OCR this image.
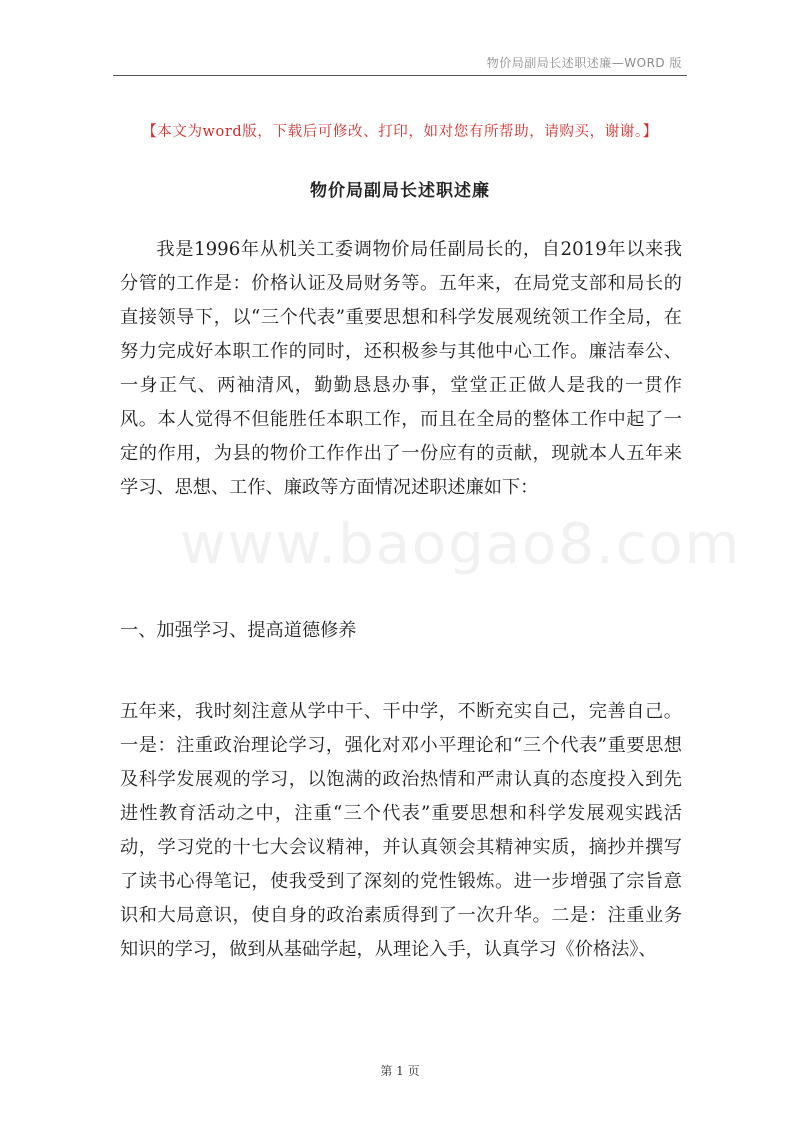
物价局副局长述职述廉—WORD 版
【本文为word版，下载后可修改、打印，如对您有所帮助，请购买，谢谢。】
物价局副局长述职述廉
www.baogao8.com

我是1996年从机关工委调物价局任副局长的，自2019年以来我分管的工作是：价格认证及局财务等。五年来，在局党支部和局长的直接领导下，以“三个代表”重要思想和科学发展观统领工作全局，在努力完成好本职工作的同时，还积极参与其他中心工作。廉洁奉公、一身正气、两袖清风，勤勤恳恳办事，堂堂正正做人是我的一贯作风。本人觉得不但能胜任本职工作，而且在全局的整体工作中起了一定的作用，为县的物价工作作出了一份应有的贡献，现就本人五年来学习、思想、工作、廉政等方面情况述职述廉如下：

一、加强学习、提高道德修养

五年来，我时刻注意从学中干、干中学，不断充实自己，完善自己。一是：注重政治理论学习，强化对邓小平理论和“三个代表”重要思想及科学发展观的学习，以饱满的政治热情和严肃认真的态度投入到先进性教育活动之中，注重“三个代表”重要思想和科学发展观实践活动，学习党的十七大会议精神，并认真领会其精神实质，摘抄并撰写了读书心得笔记，使我受到了深刻的党性锻炼。进一步增强了宗旨意识和大局意识，使自身的政治素质得到了一次升华。二是：注重业务知识的学习，做到从基础学起，从理论入手，认真学习《价格法》、

第 1 页
